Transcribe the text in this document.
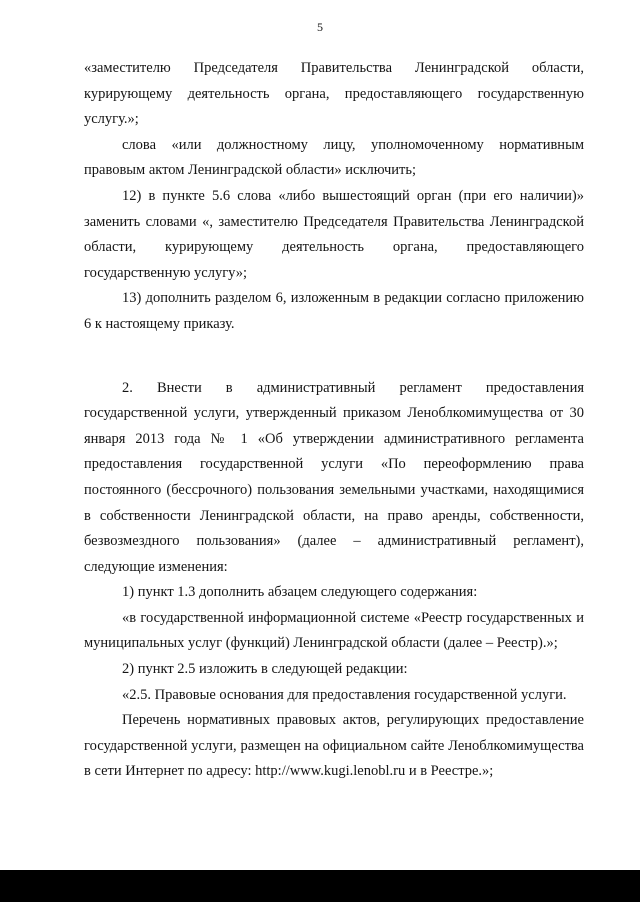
5

«заместителю Председателя Правительства Ленинградской области, курирующему деятельность органа, предоставляющего государственную услугу.»;

слова «или должностному лицу, уполномоченному нормативным правовым актом Ленинградской области» исключить;

12) в пункте 5.6 слова «либо вышестоящий орган (при его наличии)» заменить словами «, заместителю Председателя Правительства Ленинградской области, курирующему деятельность органа, предоставляющего государственную услугу»;

13) дополнить разделом 6, изложенным в редакции согласно приложению 6 к настоящему приказу.

2. Внести в административный регламент предоставления государственной услуги, утвержденный приказом Леноблкомимущества от 30 января 2013 года № 1 «Об утверждении административного регламента предоставления государственной услуги «По переоформлению права постоянного (бессрочного) пользования земельными участками, находящимися в собственности Ленинградской области, на право аренды, собственности, безвозмездного пользования» (далее – административный регламент), следующие изменения:

1) пункт 1.3 дополнить абзацем следующего содержания:

«в государственной информационной системе «Реестр государственных и муниципальных услуг (функций) Ленинградской области (далее – Реестр).»;

2) пункт 2.5 изложить в следующей редакции:

«2.5. Правовые основания для предоставления государственной услуги.

Перечень нормативных правовых актов, регулирующих предоставление государственной услуги, размещен на официальном сайте Леноблкомимущества в сети Интернет по адресу: http://www.kugi.lenobl.ru и в Реестре.»;
